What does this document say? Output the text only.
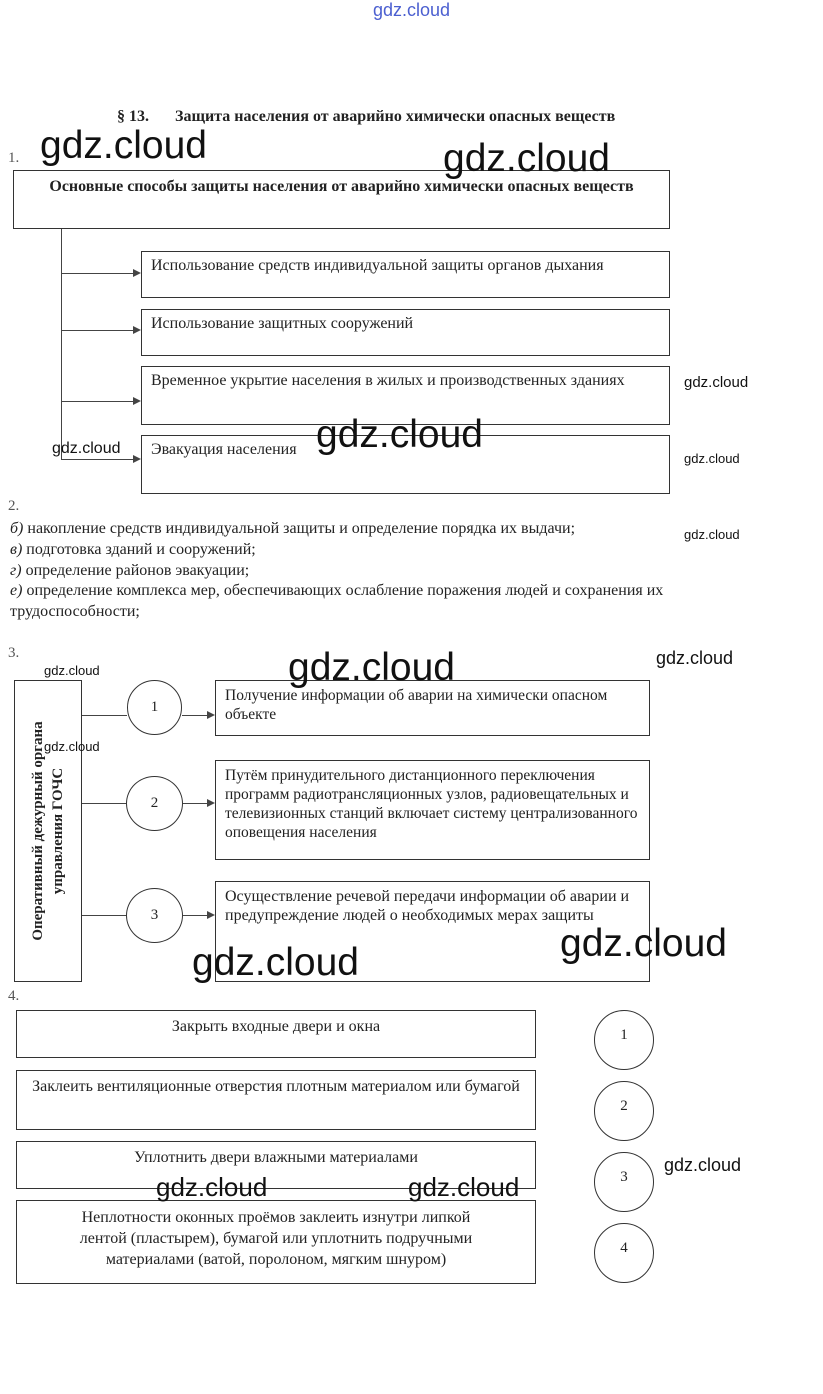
gdz.cloud
§ 13. Защита населения от аварийно химически опасных веществ
1.
Основные способы защиты населения от аварийно химически опасных веществ
Использование средств индивидуальной защиты органов дыхания
Использование защитных сооружений
Временное укрытие населения в жилых и производственных зданиях
Эвакуация населения
2.
б) накопление средств индивидуальной защиты и определение порядка их выдачи;
в) подготовка зданий и сооружений;
г) определение районов эвакуации;
е) определение комплекса мер, обеспечивающих ослабление поражения людей и сохранения их
трудоспособности;
3.
Оперативный дежурный органа управления ГОЧС
1
2
3
Получение информации об аварии на химически опасном объекте
Путём принудительного дистанционного переключения программ радиотрансляционных узлов, радиовещательных и телевизионных станций включает систему централизованного оповещения населения
Осуществление речевой передачи информации об аварии и предупреждение людей о необходимых мерах защиты
4.
Закрыть входные двери и окна
Заклеить вентиляционные отверстия плотным материалом или бумагой
Уплотнить двери влажными материалами
Неплотности оконных проёмов заклеить изнутри липкой лентой (пластырем), бумагой или уплотнить подручными материалами (ватой, поролоном, мягким шнуром)
1
2
3
4
gdz.cloud	gdz.cloud
gdz.cloud
gdz.cloud	gdz.cloud
gdz.cloud
gdz.cloud
gdz.cloud	gdz.cloud
gdz.cloud
gdz.cloud
gdz.cloud
gdz.cloud
gdz.cloud
gdz.cloud	gdz.cloud
